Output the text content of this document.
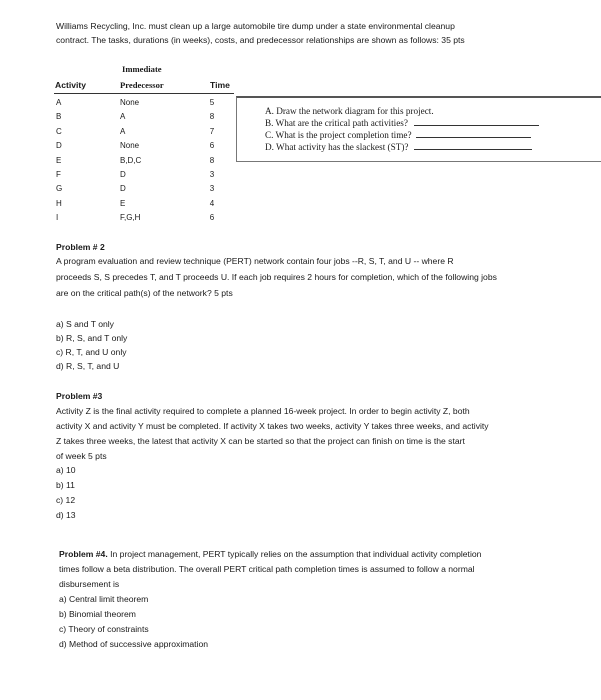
Williams Recycling, Inc. must clean up a large automobile tire dump under a state environmental cleanup
contract. The tasks, durations (in weeks), costs, and predecessor relationships are shown as follows: 35 pts
Immediate
Activity	Predecessor	Time
A	None	5
B	A	8
C	A	7
D	None	6
E	B,D,C	8
F	D	3
G	D	3
H	E	4
I	F,G,H	6
A. Draw the network diagram for this project.
B. What are the critical path activities?
C. What is the project completion time?
D. What activity has the slackest (ST)?
Problem # 2
A program evaluation and review technique (PERT) network contain four jobs --R, S, T, and U -- where R
proceeds S, S precedes T, and T proceeds U. If each job requires 2 hours for completion, which of the following jobs
are on the critical path(s) of the network? 5 pts
a) S and T only
b) R, S, and T only
c) R, T, and U only
d) R, S, T, and U
Problem #3
Activity Z is the final activity required to complete a planned 16-week project. In order to begin activity Z, both
activity X and activity Y must be completed. If activity X takes two weeks, activity Y takes three weeks, and activity
Z takes three weeks, the latest that activity X can be started so that the project can finish on time is the start
of week 5 pts
a) 10
b) 11
c) 12
d) 13
Problem #4. In project management, PERT typically relies on the assumption that individual activity completion
times follow a beta distribution. The overall PERT critical path completion times is assumed to follow a normal
disbursement is
a) Central limit theorem
b) Binomial theorem
c) Theory of constraints
d) Method of successive approximation
